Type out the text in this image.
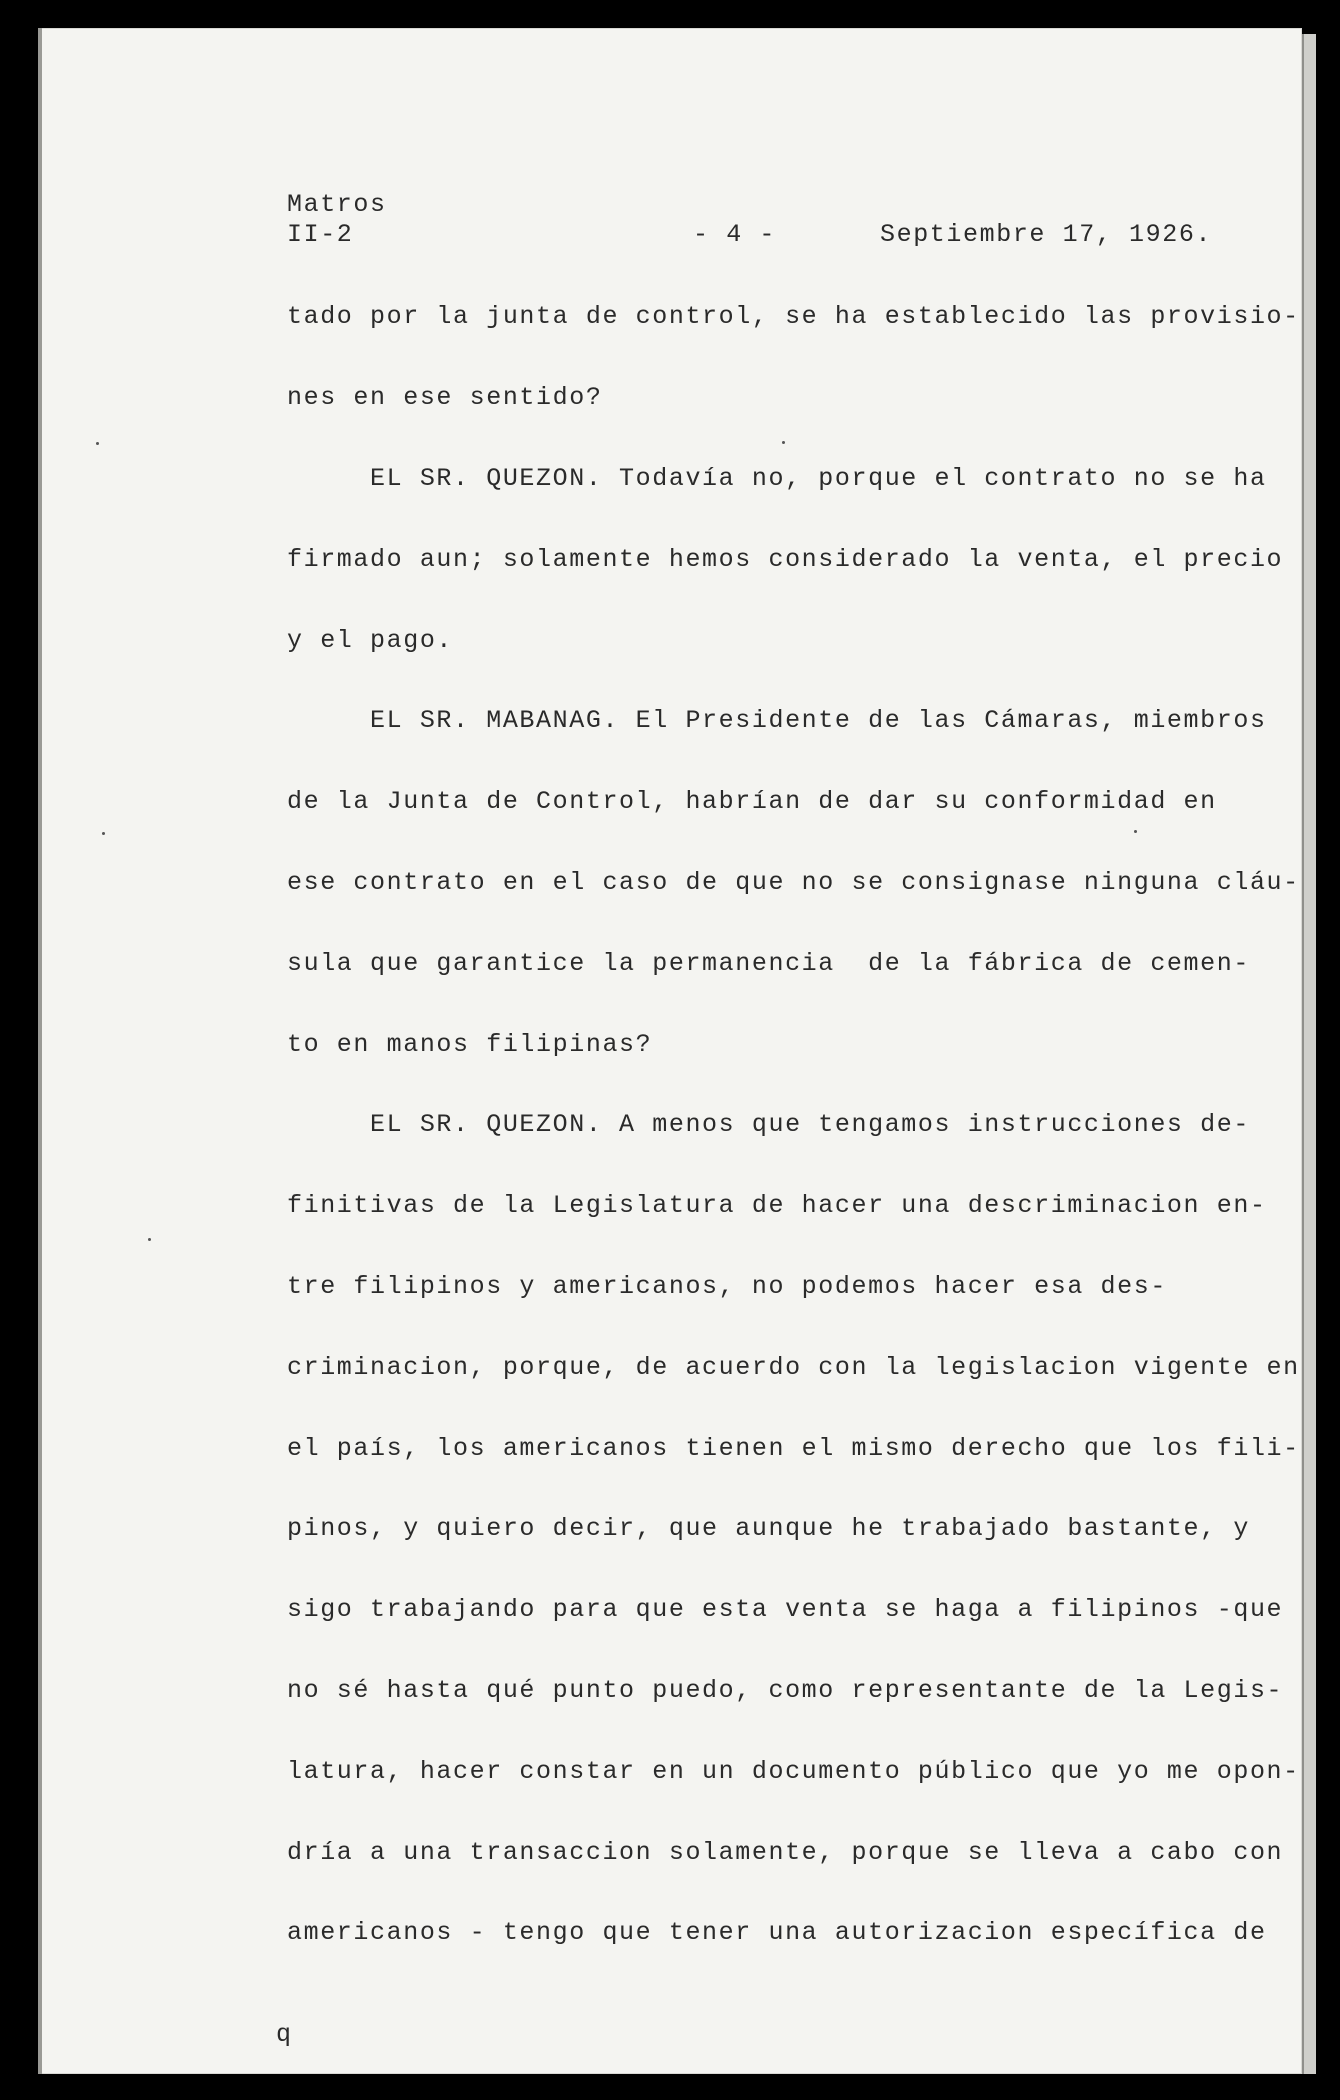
Matros
II-2	- 4 -	Septiembre 17, 1926.
tado por la junta de control, se ha establecido las provisio-
nes en ese sentido?
EL SR. QUEZON. Todavía no, porque el contrato no se ha
firmado aun; solamente hemos considerado la venta, el precio
y el pago.
EL SR. MABANAG. El Presidente de las Cámaras, miembros
de la Junta de Control, habrían de dar su conformidad en
ese contrato en el caso de que no se consignase ninguna cláu-
sula que garantice la permanencia  de la fábrica de cemen-
to en manos filipinas?
EL SR. QUEZON. A menos que tengamos instrucciones de-
finitivas de la Legislatura de hacer una descriminacion en-
tre filipinos y americanos, no podemos hacer esa des-
criminacion, porque, de acuerdo con la legislacion vigente en
el país, los americanos tienen el mismo derecho que los fili-
pinos, y quiero decir, que aunque he trabajado bastante, y
sigo trabajando para que esta venta se haga a filipinos -que
no sé hasta qué punto puedo, como representante de la Legis-
latura, hacer constar en un documento público que yo me opon-
dría a una transaccion solamente, porque se lleva a cabo con
americanos - tengo que tener una autorizacion específica de
q
